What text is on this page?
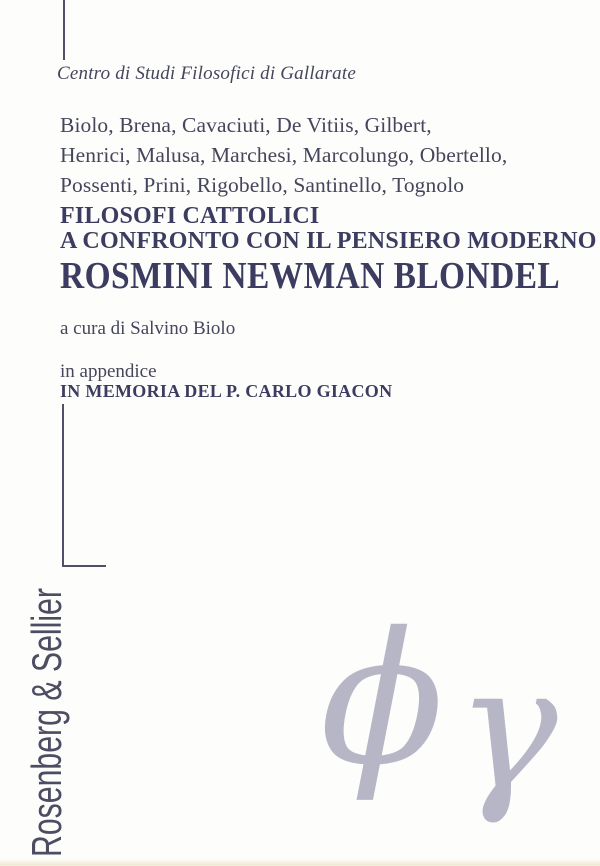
Centro di Studi Filosofici di Gallarate
Biolo, Brena, Cavaciuti, De Vitiis, Gilbert,
Henrici, Malusa, Marchesi, Marcolungo, Obertello,
Possenti, Prini, Rigobello, Santinello, Tognolo
FILOSOFI CATTOLICI
A CONFRONTO CON IL PENSIERO MODERNO
ROSMINI NEWMAN BLONDEL
a cura di Salvino Biolo
in appendice
IN MEMORIA DEL P. CARLO GIACON
Rosenberg & Sellier ϕγ
